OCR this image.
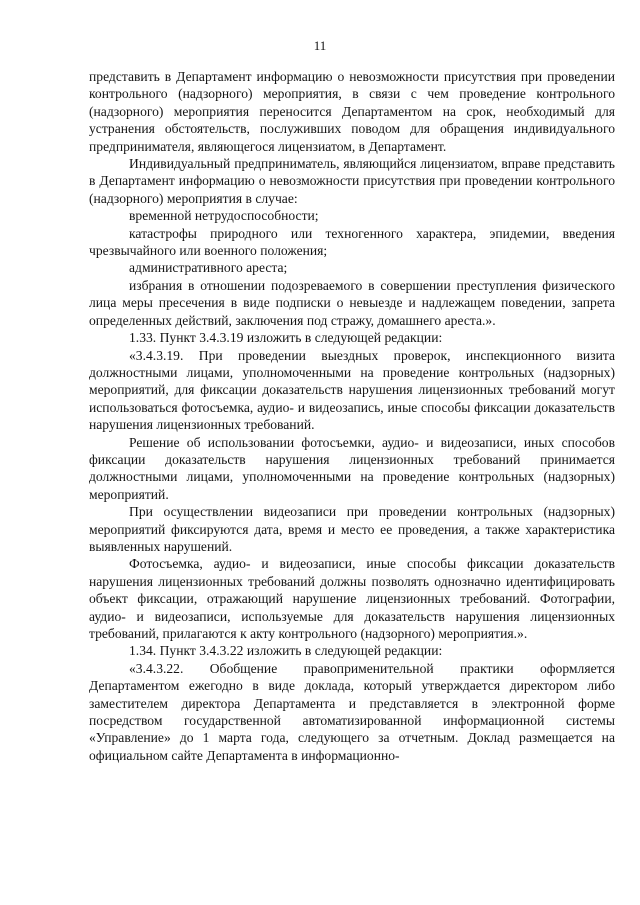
11

представить в Департамент информацию о невозможности присутствия при проведении контрольного (надзорного) мероприятия, в связи с чем проведение контрольного (надзорного) мероприятия переносится Департаментом на срок, необходимый для устранения обстоятельств, послуживших поводом для обращения индивидуального предпринимателя, являющегося лицензиатом, в Департамент.

Индивидуальный предприниматель, являющийся лицензиатом, вправе представить в Департамент информацию о невозможности присутствия при проведении контрольного (надзорного) мероприятия в случае:

временной нетрудоспособности;

катастрофы природного или техногенного характера, эпидемии, введения чрезвычайного или военного положения;

административного ареста;

избрания в отношении подозреваемого в совершении преступления физического лица меры пресечения в виде подписки о невыезде и надлежащем поведении, запрета определенных действий, заключения под стражу, домашнего ареста.».

1.33. Пункт 3.4.3.19 изложить в следующей редакции:

«3.4.3.19. При проведении выездных проверок, инспекционного визита должностными лицами, уполномоченными на проведение контрольных (надзорных) мероприятий, для фиксации доказательств нарушения лицензионных требований могут использоваться фотосъемка, аудио- и видеозапись, иные способы фиксации доказательств нарушения лицензионных требований.

Решение об использовании фотосъемки, аудио- и видеозаписи, иных способов фиксации доказательств нарушения лицензионных требований принимается должностными лицами, уполномоченными на проведение контрольных (надзорных) мероприятий.

При осуществлении видеозаписи при проведении контрольных (надзорных) мероприятий фиксируются дата, время и место ее проведения, а также характеристика выявленных нарушений.

Фотосъемка, аудио- и видеозаписи, иные способы фиксации доказательств нарушения лицензионных требований должны позволять однозначно идентифицировать объект фиксации, отражающий нарушение лицензионных требований. Фотографии, аудио- и видеозаписи, используемые для доказательств нарушения лицензионных требований, прилагаются к акту контрольного (надзорного) мероприятия.».

1.34. Пункт 3.4.3.22 изложить в следующей редакции:

«3.4.3.22. Обобщение правоприменительной практики оформляется Департаментом ежегодно в виде доклада, который утверждается директором либо заместителем директора Департамента и представляется в электронной форме посредством государственной автоматизированной информационной системы «Управление» до 1 марта года, следующего за отчетным. Доклад размещается на официальном сайте Департамента в информационно-
